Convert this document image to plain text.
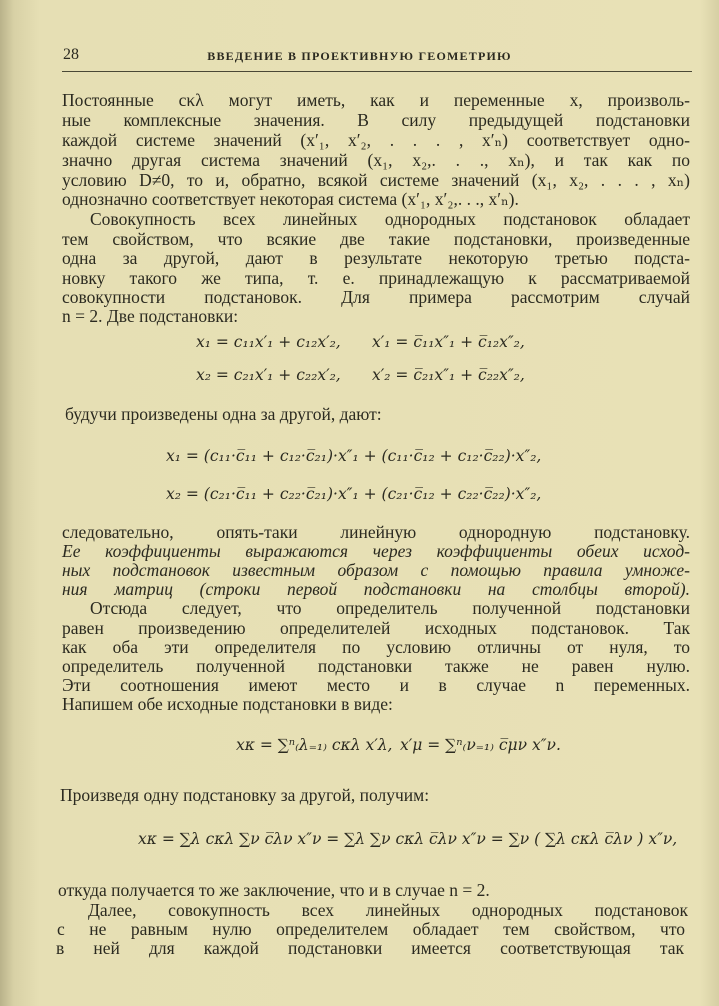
28	ВВЕДЕНИЕ В ПРОЕКТИВНУЮ ГЕОМЕТРИЮ
Постоянные cκλ могут иметь, как и переменные x, произволь-
ные комплексные значения. В силу предыдущей подстановки
каждой системе значений (x′₁, x′₂, . . . , x′ₙ) соответствует одно-
значно другая система значений (x₁, x₂,. . ., xₙ), и так как по
условию D≠0, то и, обратно, всякой системе значений (x₁, x₂, . . . , xₙ)
однозначно соответствует некоторая система (x′₁, x′₂,. . ., x′ₙ).
Совокупность всех линейных однородных подстановок обладает
тем свойством, что всякие две такие подстановки, произведенные
одна за другой, дают в результате некоторую третью подста-
новку такого же типа, т. е. принадлежащую к рассматриваемой
совокупности подстановок. Для примера рассмотрим случай
n = 2. Две подстановки:
x₁ = c₁₁x′₁ + c₁₂x′₂, x′₁ = c̅₁₁x″₁ + c̅₁₂x″₂,
x₂ = c₂₁x′₁ + c₂₂x′₂, x′₂ = c̅₂₁x″₁ + c̅₂₂x″₂,
будучи произведены одна за другой, дают:
x₁ = (c₁₁·c̅₁₁ + c₁₂·c̅₂₁)·x″₁ + (c₁₁·c̅₁₂ + c₁₂·c̅₂₂)·x″₂,
x₂ = (c₂₁·c̅₁₁ + c₂₂·c̅₂₁)·x″₁ + (c₂₁·c̅₁₂ + c₂₂·c̅₂₂)·x″₂,
следовательно, опять-таки линейную однородную подстановку.
Ее коэффициенты выражаются через коэффициенты обеих исход-
ных подстановок известным образом с помощью правила умноже-
ния матриц (строки первой подстановки на столбцы второй).
Отсюда следует, что определитель полученной подстановки
равен произведению определителей исходных подстановок. Так
как оба эти определителя по условию отличны от нуля, то
определитель полученной подстановки также не равен нулю.
Эти соотношения имеют место и в случае n переменных.
Напишем обе исходные подстановки в виде:
xκ = ∑ⁿ₍λ₌₁₎ cκλ x′λ, x′μ = ∑ⁿ₍ν₌₁₎ c̅μν x″ν.
Произведя одну подстановку за другой, получим:
xκ = ∑λ cκλ ∑ν c̅λν x″ν = ∑λ ∑ν cκλ c̅λν x″ν = ∑ν ( ∑λ cκλ c̅λν ) x″ν,
откуда получается то же заключение, что и в случае n = 2.
Далее, совокупность всех линейных однородных подстановок
с не равным нулю определителем обладает тем свойством, что
в ней для каждой подстановки имеется соответствующая так
